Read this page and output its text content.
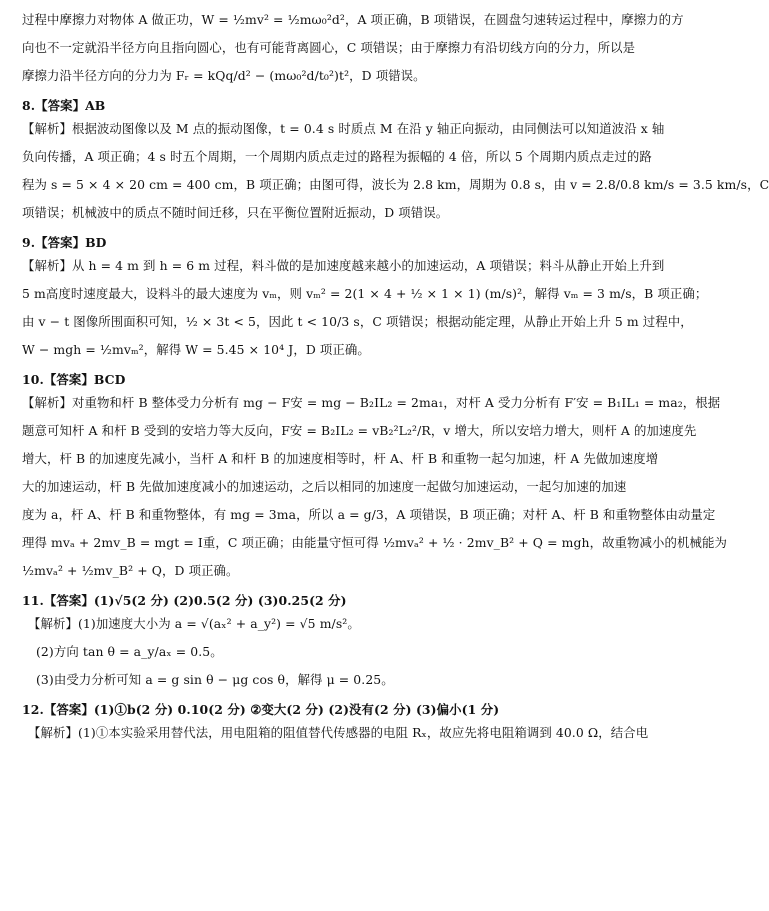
过程中摩擦力对物体 A 做正功，W = ½mv² = ½mω₀²d²，A 项正确，B 项错误，在圆盘匀速转运过程中，摩擦力的方
向也不一定就沿半径方向且指向圆心，也有可能背离圆心，C 项错误；由于摩擦力有沿切线方向的分力，所以是
摩擦力沿半径方向的分力为 Fᵣ = kQq/d² − (mω₀²d/t₀²)t²，D 项错误。
8.【答案】AB
【解析】根据波动图像以及 M 点的振动图像，t = 0.4 s 时质点 M 在沿 y 轴正向振动，由同侧法可以知道波沿 x 轴
负向传播，A 项正确；4 s 时五个周期，一个周期内质点走过的路程为振幅的 4 倍，所以 5 个周期内质点走过的路
程为 s = 5 × 4 × 20 cm = 400 cm，B 项正确；由图可得，波长为 2.8 km，周期为 0.8 s，由 v = 2.8/0.8 km/s = 3.5 km/s，C
项错误；机械波中的质点不随时间迁移，只在平衡位置附近振动，D 项错误。
9.【答案】BD
【解析】从 h = 4 m 到 h = 6 m 过程，料斗做的是加速度越来越小的加速运动，A 项错误；料斗从静止开始上升到
5 m高度时速度最大，设料斗的最大速度为 vₘ，则 vₘ² = 2(1 × 4 + ½ × 1 × 1) (m/s)²，解得 vₘ = 3 m/s，B 项正确；
由 v − t 图像所围面积可知，½ × 3t < 5，因此 t < 10/3 s，C 项错误；根据动能定理，从静止开始上升 5 m 过程中，
W − mgh = ½mvₘ²，解得 W = 5.45 × 10⁴ J，D 项正确。
10.【答案】BCD
【解析】对重物和杆 B 整体受力分析有 mg − F安 = mg − B₂IL₂ = 2ma₁，对杆 A 受力分析有 F′安 = B₁IL₁ = ma₂，根据
题意可知杆 A 和杆 B 受到的安培力等大反向，F安 = B₂IL₂ = vB₂²L₂²/R，v 增大，所以安培力增大，则杆 A 的加速度先
增大，杆 B 的加速度先减小，当杆 A 和杆 B 的加速度相等时，杆 A、杆 B 和重物一起匀加速，杆 A 先做加速度增
大的加速运动，杆 B 先做加速度减小的加速运动，之后以相同的加速度一起做匀加速运动，一起匀加速的加速
度为 a，杆 A、杆 B 和重物整体，有 mg = 3ma，所以 a = g/3，A 项错误，B 项正确；对杆 A、杆 B 和重物整体由动量定
理得 mvₐ + 2mv_B = mgt = I重，C 项正确；由能量守恒可得 ½mvₐ² + ½ · 2mv_B² + Q = mgh，故重物减小的机械能为
½mvₐ² + ½mv_B² + Q，D 项正确。
11.【答案】(1)√5(2 分) (2)0.5(2 分) (3)0.25(2 分)
【解析】(1)加速度大小为 a = √(aₓ² + a_y²) = √5 m/s²。
(2)方向 tan θ = a_y/aₓ = 0.5。
(3)由受力分析可知 a = g sin θ − μg cos θ，解得 μ = 0.25。
12.【答案】(1)①b(2 分) 0.10(2 分) ②变大(2 分) (2)没有(2 分) (3)偏小(1 分)
【解析】(1)①本实验采用替代法，用电阻箱的阻值替代传感器的电阻 Rₓ，故应先将电阻箱调到 40.0 Ω，结合电
